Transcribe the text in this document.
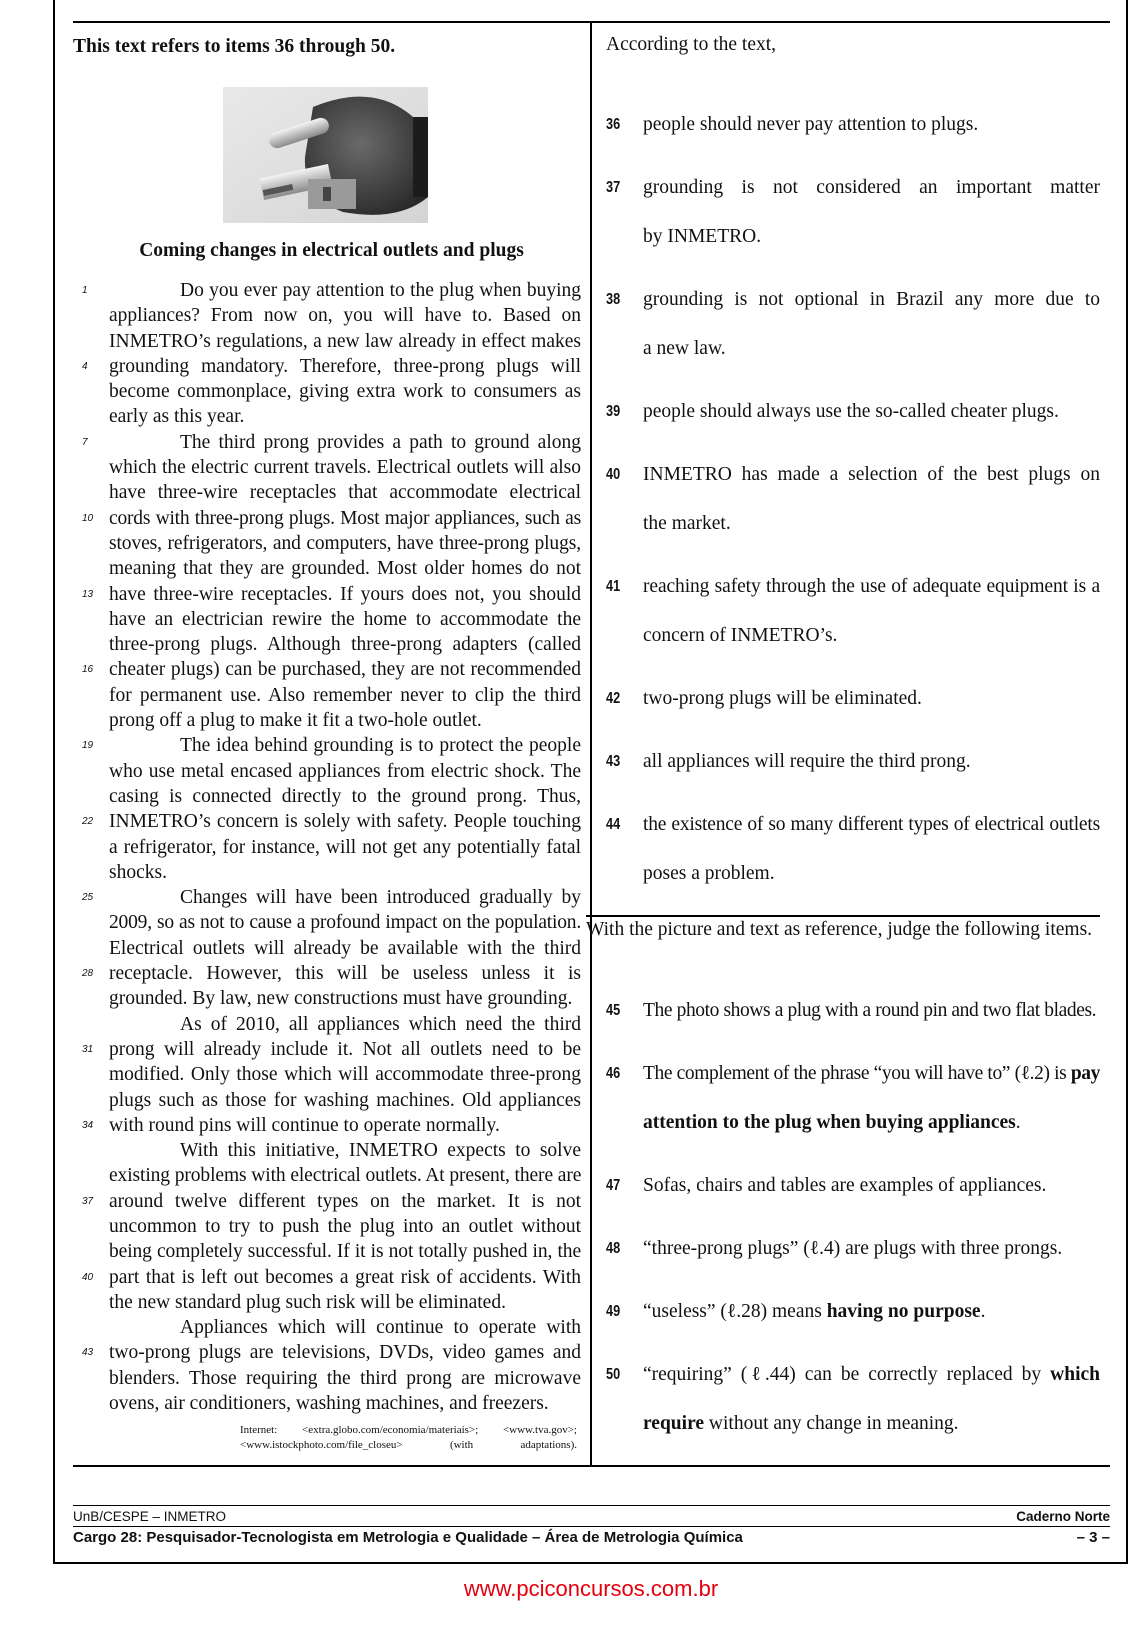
This text refers to items 36 through 50.
Coming changes in electrical outlets and plugs
1	Do you ever pay attention to the plug when buying
appliances? From now on, you will have to. Based on
INMETRO’s regulations, a new law already in effect makes
4 grounding mandatory. Therefore, three-prong plugs will
become commonplace, giving extra work to consumers as
early as this year.
7	The third prong provides a path to ground along
which the electric current travels. Electrical outlets will also
have three-wire receptacles that accommodate electrical
10 cords with three-prong plugs. Most major appliances, such as
stoves, refrigerators, and computers, have three-prong plugs,
meaning that they are grounded. Most older homes do not
13 have three-wire receptacles. If yours does not, you should
have an electrician rewire the home to accommodate the
three-prong plugs. Although three-prong adapters (called
16 cheater plugs) can be purchased, they are not recommended
for permanent use. Also remember never to clip the third
prong off a plug to make it fit a two-hole outlet.
19	The idea behind grounding is to protect the people
who use metal encased appliances from electric shock. The
casing is connected directly to the ground prong. Thus,
22 INMETRO’s concern is solely with safety. People touching
a refrigerator, for instance, will not get any potentially fatal
shocks.
25	Changes will have been introduced gradually by
2009, so as not to cause a profound impact on the population.
Electrical outlets will already be available with the third
28 receptacle. However, this will be useless unless it is
grounded. By law, new constructions must have grounding.
As of 2010, all appliances which need the third
31 prong will already include it. Not all outlets need to be
modified. Only those which will accommodate three-prong
plugs such as those for washing machines. Old appliances
34 with round pins will continue to operate normally.
With this initiative, INMETRO expects to solve
existing problems with electrical outlets. At present, there are
37 around twelve different types on the market. It is not
uncommon to try to push the plug into an outlet without
being completely successful. If it is not totally pushed in, the
40 part that is left out becomes a great risk of accidents. With
the new standard plug such risk will be eliminated.
Appliances which will continue to operate with
43 two-prong plugs are televisions, DVDs, video games and
blenders. Those requiring the third prong are microwave
ovens, air conditioners, washing machines, and freezers.
Internet: <extra.globo.com/economia/materiais>; <www.tva.gov>;
<www.istockphoto.com/file_closeu> (with adaptations).
According to the text,
36 people should never pay attention to plugs.
37 grounding is not considered an important matter
by INMETRO.
38 grounding is not optional in Brazil any more due to
a new law.
39 people should always use the so-called cheater plugs.
40 INMETRO has made a selection of the best plugs on
the market.
41 reaching safety through the use of adequate equipment is a
concern of INMETRO’s.
42 two-prong plugs will be eliminated.
43 all appliances will require the third prong.
44 the existence of so many different types of electrical outlets
poses a problem.
With the picture and text as reference, judge the following items.
45 The photo shows a plug with a round pin and two flat blades.
46 The complement of the phrase “you will have to” (ℓ.2) is pay
attention to the plug when buying appliances.
47 Sofas, chairs and tables are examples of appliances.
48 “three-prong plugs” (ℓ.4) are plugs with three prongs.
49 “useless” (ℓ.28) means having no purpose.
50 “requiring” (ℓ.44) can be correctly replaced by which
require without any change in meaning.
UnB/CESPE – INMETRO	Caderno Norte
Cargo 28: Pesquisador-Tecnologista em Metrologia e Qualidade – Área de Metrologia Química	– 3 –
www.pciconcursos.com.br
